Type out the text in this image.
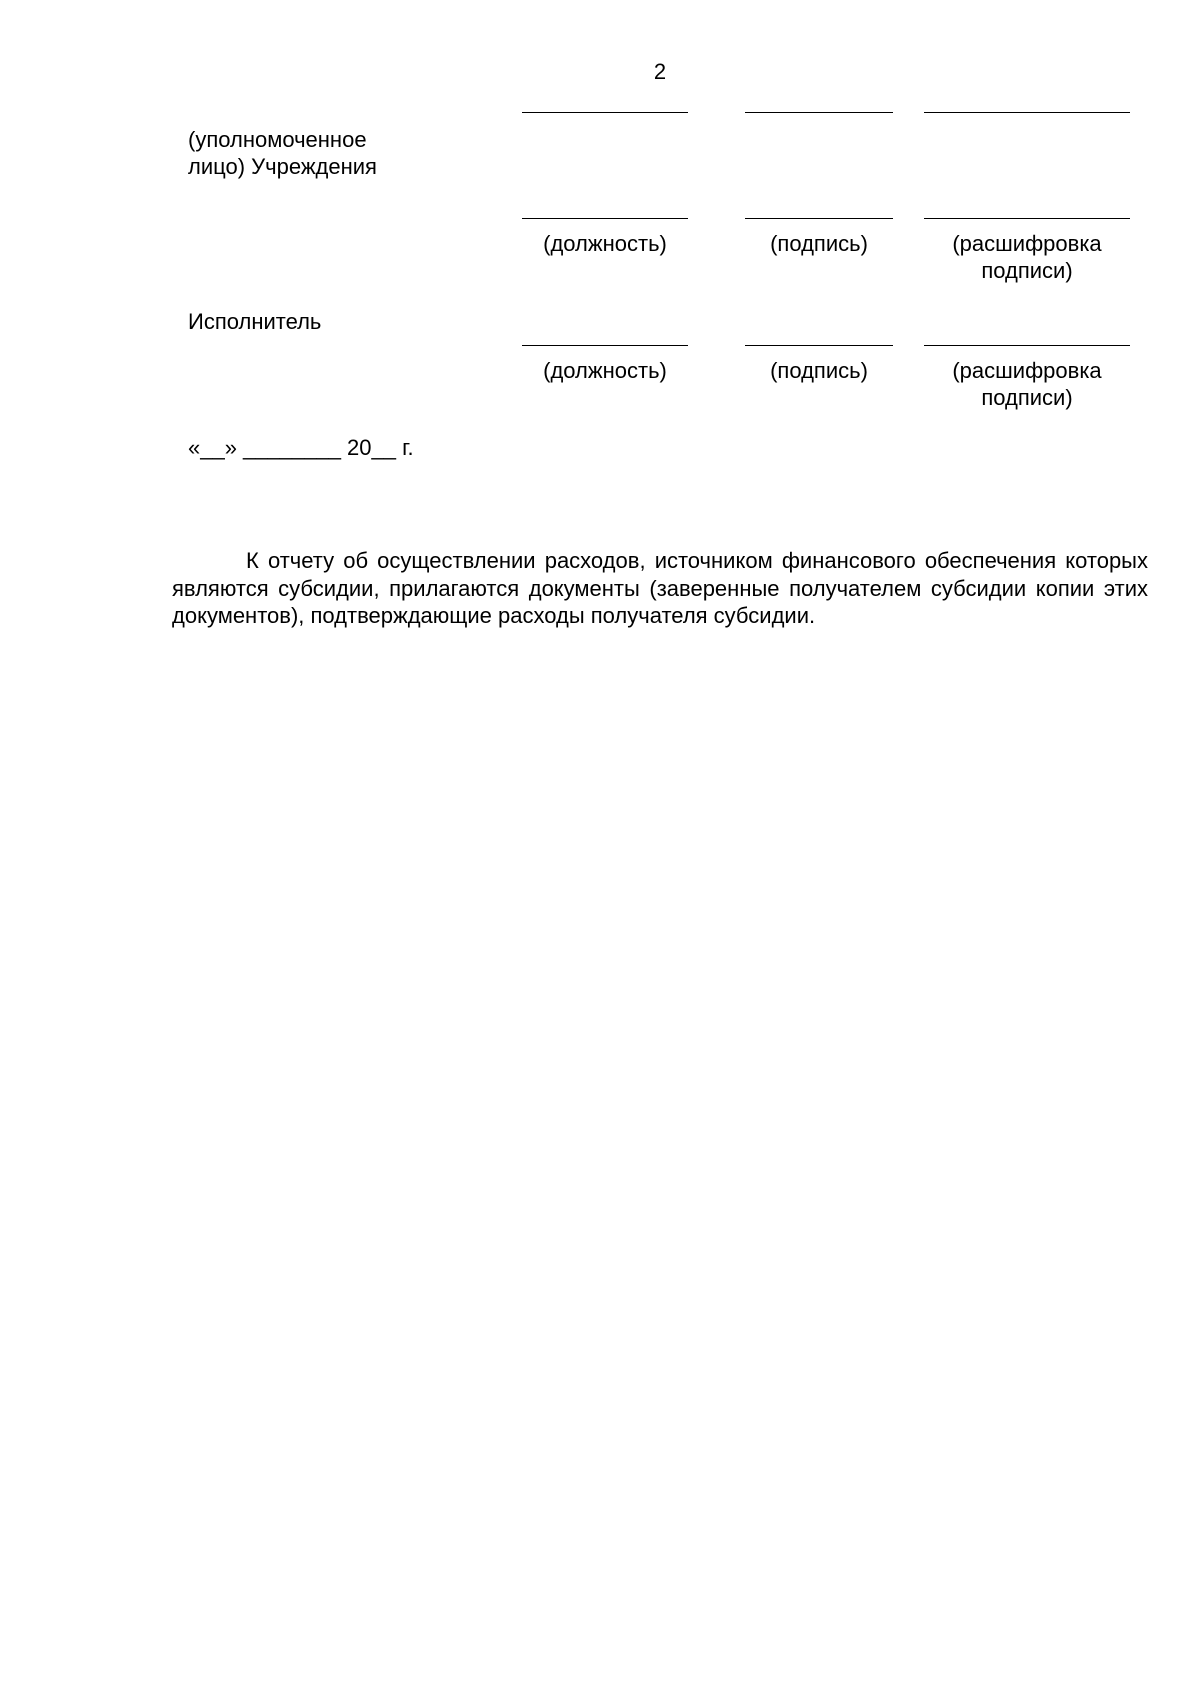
2
(уполномоченное лицо) Учреждения
(должность)	(подпись)	(расшифровка подписи)
Исполнитель
(должность)	(подпись)	(расшифровка подписи)
«__» ________ 20__ г.
К отчету об осуществлении расходов, источником финансового обеспечения которых являются субсидии, прилагаются документы (заверенные получателем субсидии копии этих документов), подтверждающие расходы получателя субсидии.
